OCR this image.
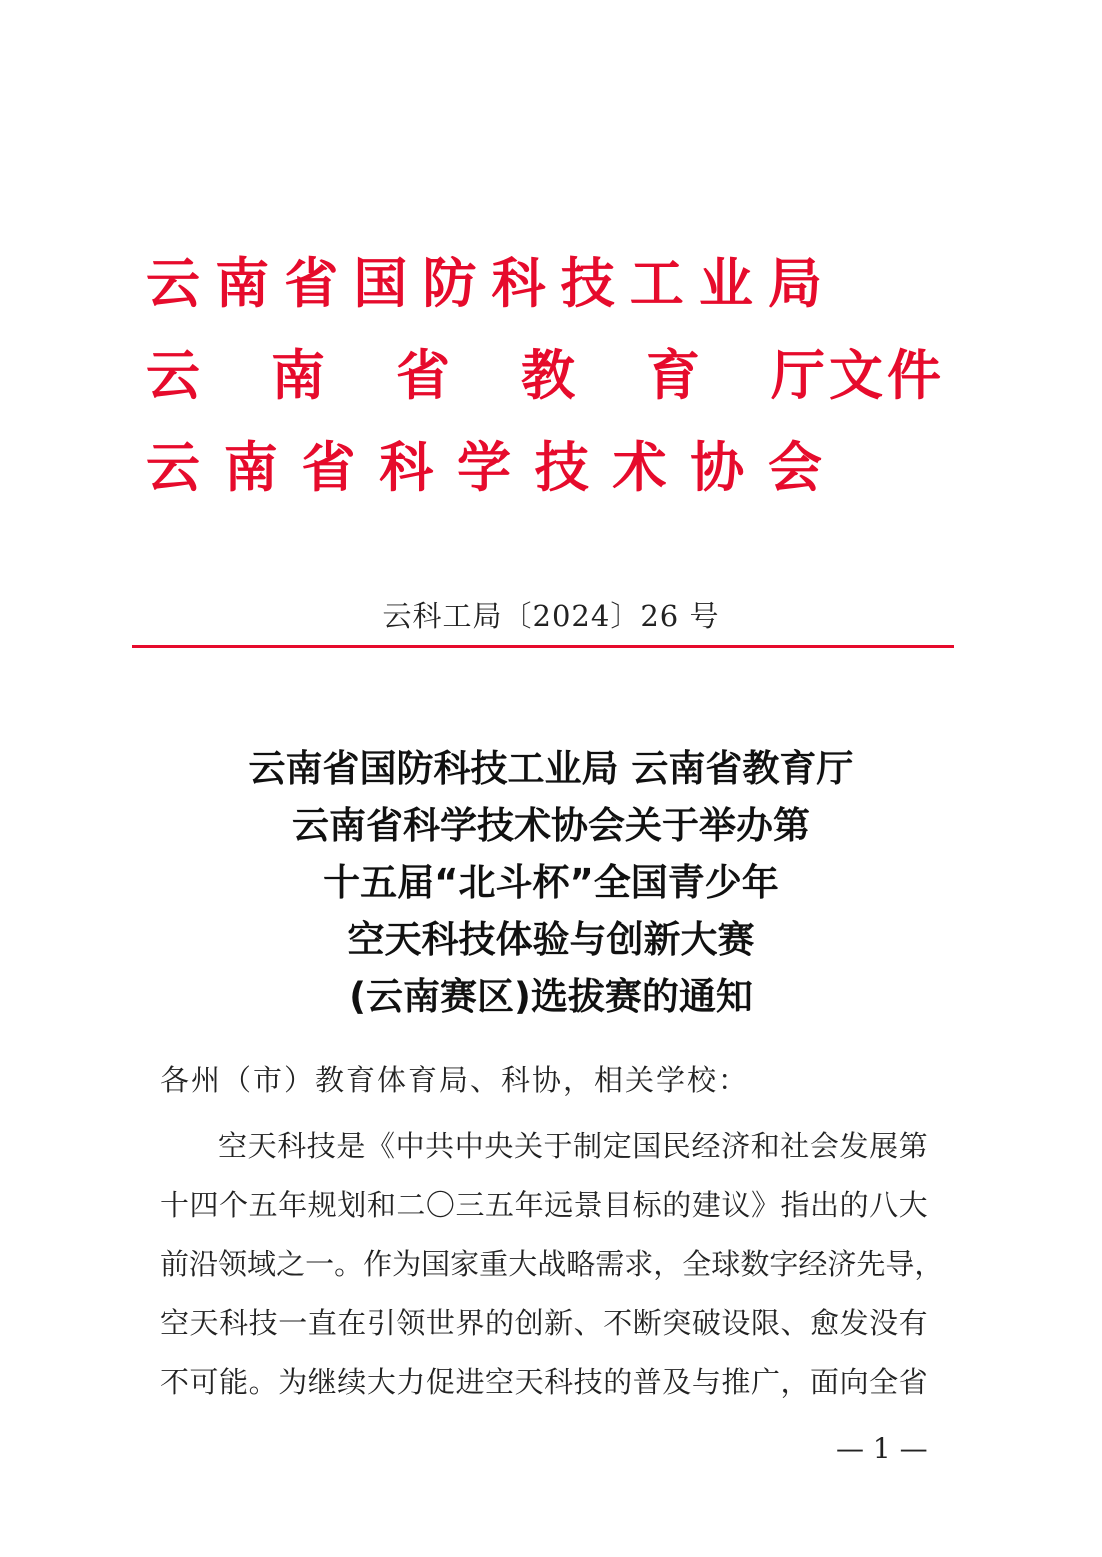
云 南 省 国 防 科 技 工 业 局
云 南 省 教 育 厅 文 件
云 南 省 科 学 技 术 协 会
云科工局〔2024〕26 号
云南省国防科技工业局 云南省教育厅
云南省科学技术协会关于举办第
十五届“北斗杯”全国青少年
空天科技体验与创新大赛
(云南赛区)选拔赛的通知
各州（市）教育体育局、科协，相关学校：
空 天 科 技 是 《 中 共 中 央 关 于 制 定 国 民 经 济 和 社 会 发 展 第
十 四 个 五 年 规 划 和 二 〇 三 五 年 远 景 目 标 的 建 议 》 指 出 的 八 大
前 沿 领 域 之 一 。 作 为 国 家 重 大 战 略 需 求 ， 全 球 数 字 经 济 先 导 ，
空 天 科 技 一 直 在 引 领 世 界 的 创 新 、 不 断 突 破 设 限 、 愈 发 没 有
不 可 能 。 为 继 续 大 力 促 进 空 天 科 技 的 普 及 与 推 广 ， 面 向 全 省
— 1 —
